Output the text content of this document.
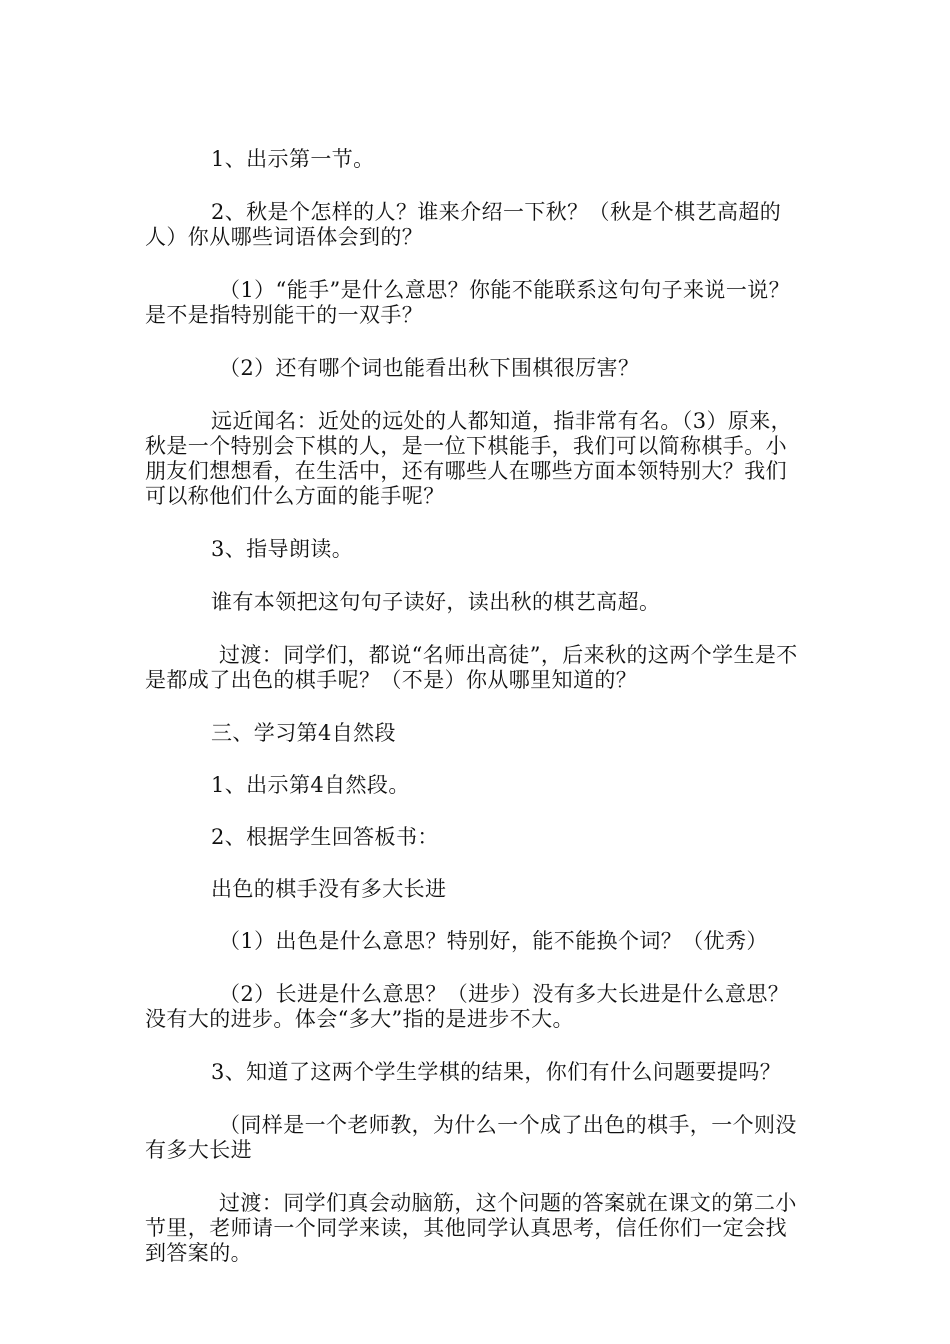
1、出示第一节。

2、秋是个怎样的人？谁来介绍一下秋？（秋是个棋艺高超的人）你从哪些词语体会到的？

（1）“能手”是什么意思？你能不能联系这句句子来说一说？是不是指特别能干的一双手？

（2）还有哪个词也能看出秋下围棋很厉害？

远近闻名：近处的远处的人都知道，指非常有名。（3）原来，秋是一个特别会下棋的人，是一位下棋能手，我们可以简称棋手。小朋友们想想看，在生活中，还有哪些人在哪些方面本领特别大？我们可以称他们什么方面的能手呢？

3、指导朗读。

谁有本领把这句句子读好，读出秋的棋艺高超。

过渡：同学们，都说“名师出高徒”，后来秋的这两个学生是不是都成了出色的棋手呢？（不是）你从哪里知道的？

三、学习第4自然段

1、出示第4自然段。

2、根据学生回答板书：

出色的棋手没有多大长进

（1）出色是什么意思？特别好，能不能换个词？（优秀）

（2）长进是什么意思？（进步）没有多大长进是什么意思？没有大的进步。体会“多大”指的是进步不大。

3、知道了这两个学生学棋的结果，你们有什么问题要提吗？

（同样是一个老师教，为什么一个成了出色的棋手，一个则没有多大长进

过渡：同学们真会动脑筋，这个问题的答案就在课文的第二小节里，老师请一个同学来读，其他同学认真思考，信任你们一定会找到答案的。
